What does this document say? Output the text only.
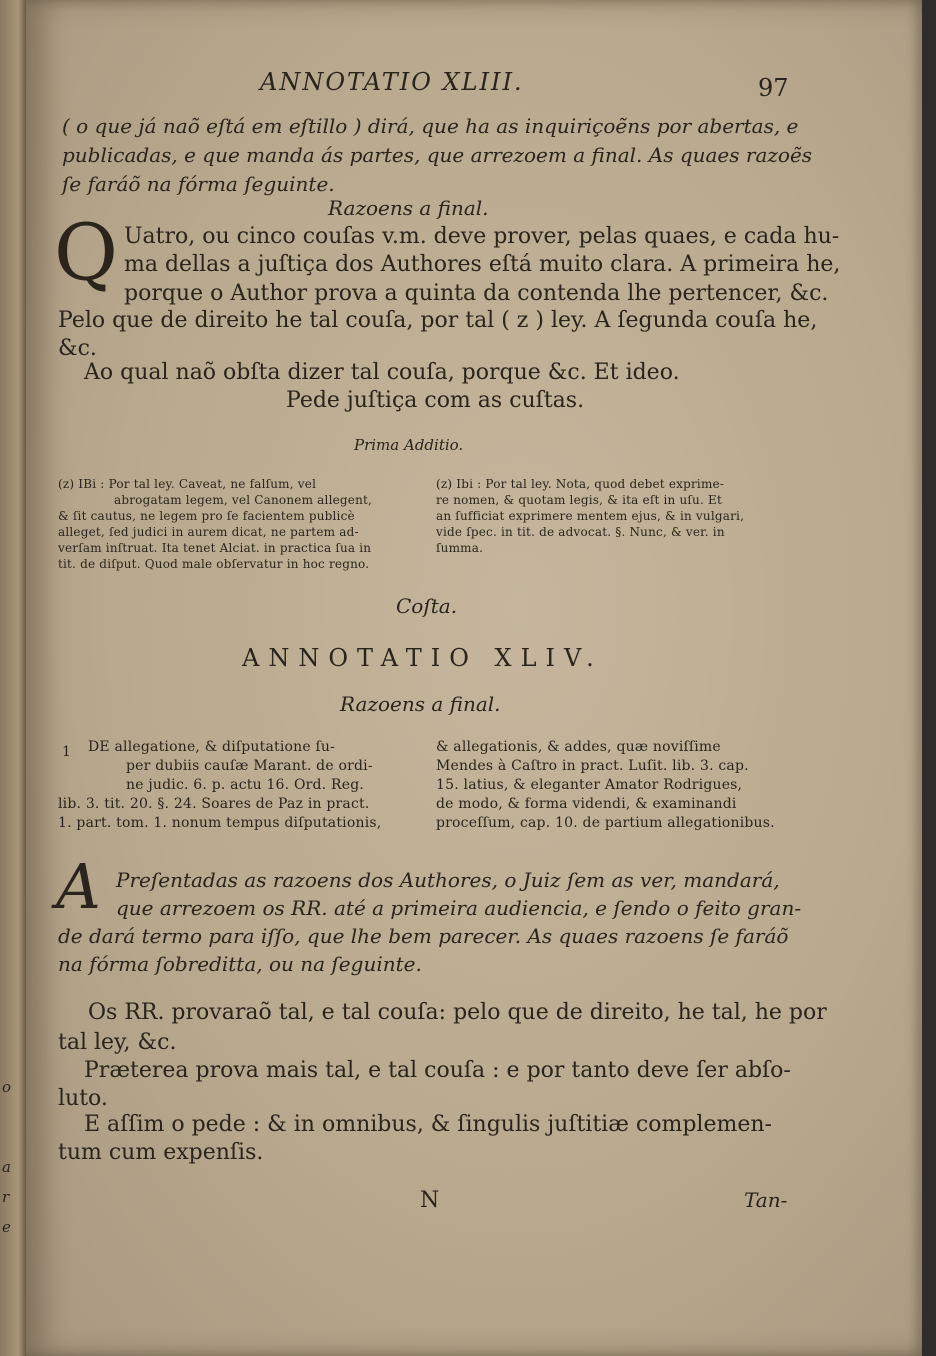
o
a
r
e
ANNOTATIO XLIII.	97
( o que já naõ eſtá em eſtillo ) dirá, que ha as inquiriçoẽns por abertas, e
publicadas, e que manda ás partes, que arrezoem a final. As quaes razoẽs
ſe faráõ na fórma ſeguinte.
Razoens a final.
Q Uatro, ou cinco couſas v.m. deve prover, pelas quaes, e cada hu-
ma dellas a juſtiça dos Authores eſtá muito clara. A primeira he,
porque o Author prova a quinta da contenda lhe pertencer, &c.
Pelo que de direito he tal couſa, por tal ( z ) ley. A ſegunda couſa he,
&c.
Ao qual naõ obſta dizer tal couſa, porque &c. Et ideo.
Pede juſtiça com as cuſtas.
Prima Additio.
(z) IBi : Por tal ley. Caveat, ne falſum, vel
abrogatam legem, vel Canonem allegent,
& ſit cautus, ne legem pro ſe facientem publicè
alleget, ſed judici in aurem dicat, ne partem ad-
verſam inſtruat. Ita tenet Alciat. in practica ſua in
tit. de diſput. Quod male obſervatur in hoc regno.
(z) Ibi : Por tal ley. Nota, quod debet exprime-
re nomen, & quotam legis, & ita eſt in uſu. Et
an ſufficiat exprimere mentem ejus, & in vulgari,
vide ſpec. in tit. de advocat. §. Nunc, & ver. in
ſumma.
Coſta.
ANNOTATIO XLIV.
Razoens a final.
1 DE allegatione, & diſputatione ſu-
per dubiis cauſæ Marant. de ordi-
ne judic. 6. p. actu 16. Ord. Reg.
lib. 3. tit. 20. §. 24. Soares de Paz in pract.
1. part. tom. 1. nonum tempus diſputationis,
& allegationis, & addes, quæ noviſſime
Mendes à Caſtro in pract. Luſit. lib. 3. cap.
15. latius, & eleganter Amator Rodrigues,
de modo, & forma videndi, & examinandi
proceſſum, cap. 10. de partium allegationibus.
A Preſentadas as razoens dos Authores, o Juiz ſem as ver, mandará,
que arrezoem os RR. até a primeira audiencia, e ſendo o feito gran-
de dará termo para iſſo, que lhe bem parecer. As quaes razoens ſe faráõ
na fórma ſobreditta, ou na ſeguinte.
Os RR. provaraõ tal, e tal couſa: pelo que de direito, he tal, he por
tal ley, &c.
Præterea prova mais tal, e tal couſa : e por tanto deve ſer abſo-
luto.
E aſſim o pede : & in omnibus, & ſingulis juſtitiæ complemen-
tum cum expenſis.
N	Tan-
